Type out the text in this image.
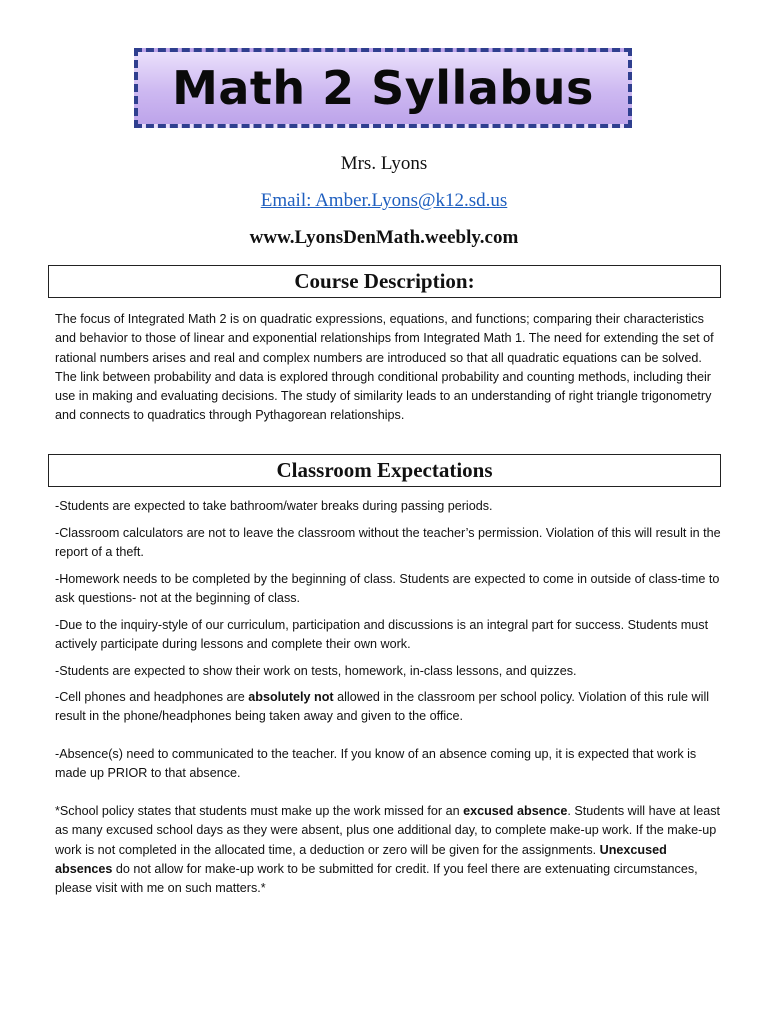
Math 2 Syllabus
Mrs. Lyons
Email: Amber.Lyons@k12.sd.us
www.LyonsDenMath.weebly.com
Course Description:

The focus of Integrated Math 2 is on quadratic expressions, equations, and functions; comparing their characteristics and behavior to those of linear and exponential relationships from Integrated Math 1. The need for extending the set of rational numbers arises and real and complex numbers are introduced so that all quadratic equations can be solved. The link between probability and data is explored through conditional probability and counting methods, including their use in making and evaluating decisions. The study of similarity leads to an understanding of right triangle trigonometry and connects to quadratics through Pythagorean relationships.

Classroom Expectations

-Students are expected to take bathroom/water breaks during passing periods.

-Classroom calculators are not to leave the classroom without the teacher’s permission. Violation of this will result in the report of a theft.

-Homework needs to be completed by the beginning of class. Students are expected to come in outside of class-time to ask questions- not at the beginning of class.

-Due to the inquiry-style of our curriculum, participation and discussions is an integral part for success. Students must actively participate during lessons and complete their own work.

-Students are expected to show their work on tests, homework, in-class lessons, and quizzes.

-Cell phones and headphones are absolutely not allowed in the classroom per school policy. Violation of this rule will result in the phone/headphones being taken away and given to the office.

-Absence(s) need to communicated to the teacher. If you know of an absence coming up, it is expected that work is made up PRIOR to that absence.

*School policy states that students must make up the work missed for an excused absence. Students will have at least as many excused school days as they were absent, plus one additional day, to complete make-up work. If the make-up work is not completed in the allocated time, a deduction or zero will be given for the assignments. Unexcused absences do not allow for make-up work to be submitted for credit. If you feel there are extenuating circumstances, please visit with me on such matters.*
